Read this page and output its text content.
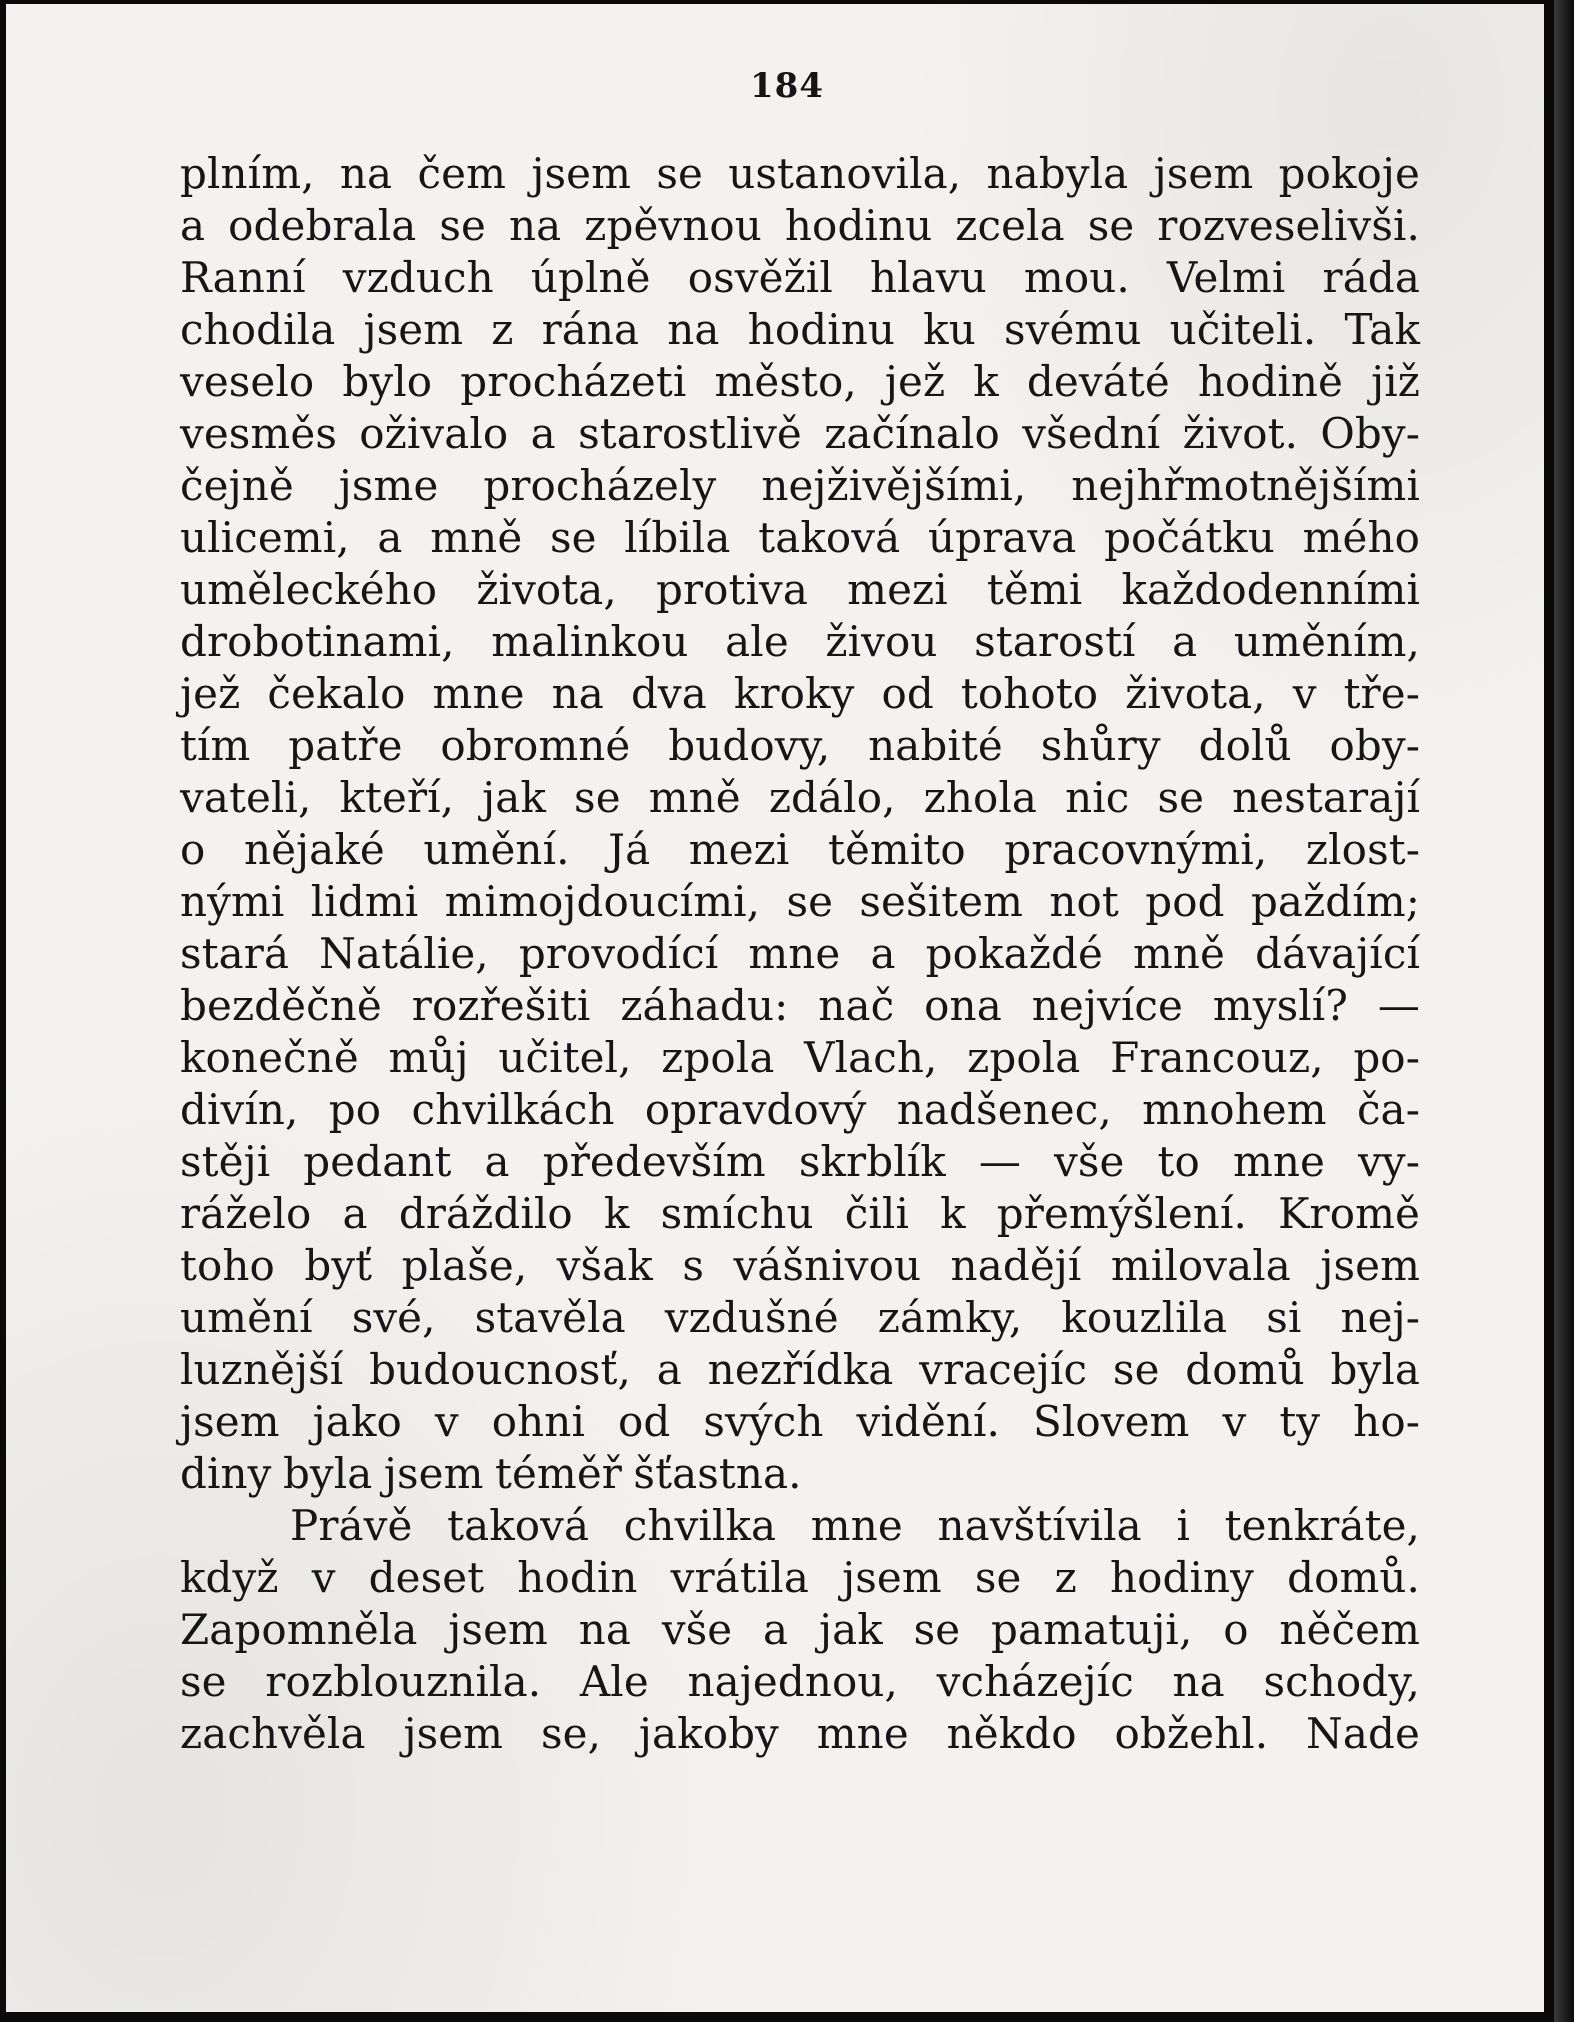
184
plním, na čem jsem se ustanovila, nabyla jsem pokoje
a odebrala se na zpěvnou hodinu zcela se rozveselivši.
Ranní vzduch úplně osvěžil hlavu mou. Velmi ráda
chodila jsem z rána na hodinu ku svému učiteli. Tak
veselo bylo procházeti město, jež k deváté hodině již
vesměs oživalo a starostlivě začínalo všední život. Oby-
čejně jsme procházely nejživějšími, nejhřmotnějšími
ulicemi, a mně se líbila taková úprava počátku mého
uměleckého života, protiva mezi těmi každodenními
drobotinami, malinkou ale živou starostí a uměním,
jež čekalo mne na dva kroky od tohoto života, v tře-
tím patře obromné budovy, nabité shůry dolů oby-
vateli, kteří, jak se mně zdálo, zhola nic se nestarají
o nějaké umění. Já mezi těmito pracovnými, zlost-
nými lidmi mimojdoucími, se sešitem not pod paždím;
stará Natálie, provodící mne a pokaždé mně dávající
bezděčně rozřešiti záhadu: nač ona nejvíce myslí? —
konečně můj učitel, zpola Vlach, zpola Francouz, po-
divín, po chvilkách opravdový nadšenec, mnohem ča-
stěji pedant a především skrblík — vše to mne vy-
ráželo a dráždilo k smíchu čili k přemýšlení. Kromě
toho byť plaše, však s vášnivou nadějí milovala jsem
umění své, stavěla vzdušné zámky, kouzlila si nej-
luznější budoucnosť, a nezřídka vracejíc se domů byla
jsem jako v ohni od svých vidění. Slovem v ty ho-
diny byla jsem téměř šťastna.
Právě taková chvilka mne navštívila i tenkráte,
když v deset hodin vrátila jsem se z hodiny domů.
Zapomněla jsem na vše a jak se pamatuji, o něčem
se rozblouznila. Ale najednou, vcházejíc na schody,
zachvěla jsem se, jakoby mne někdo obžehl. Nade
